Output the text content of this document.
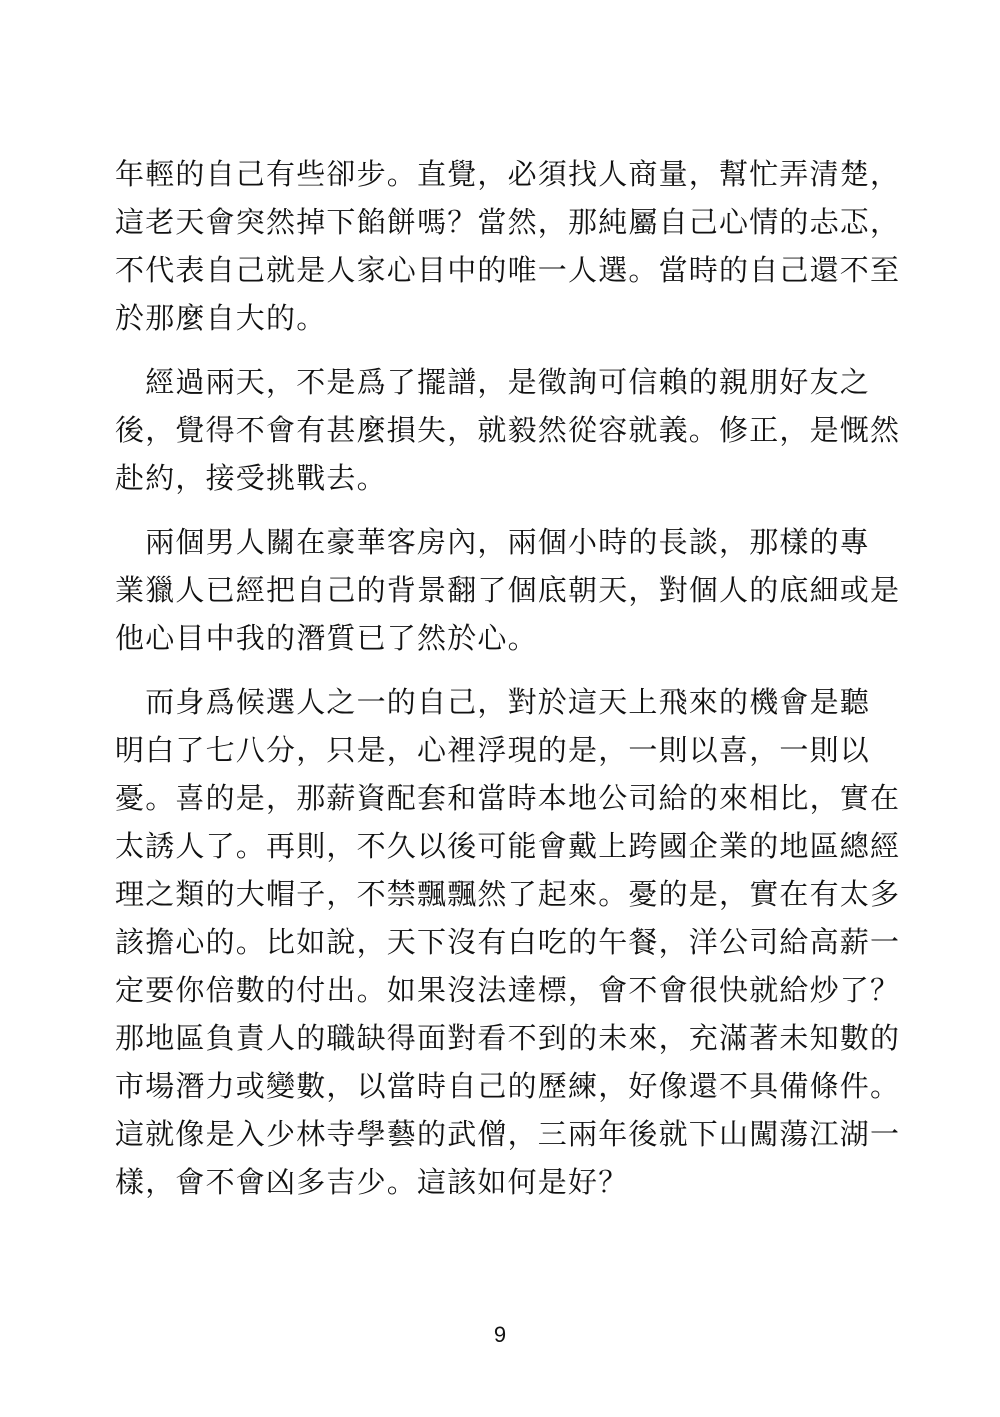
年輕的自己有些卻步。直覺，必須找人商量，幫忙弄清楚，
這老天會突然掉下餡餅嗎？當然，那純屬自己心情的忐忑，
不代表自己就是人家心目中的唯一人選。當時的自己還不至
於那麼自大的。

　經過兩天，不是爲了擺譜，是徵詢可信賴的親朋好友之
後，覺得不會有甚麼損失，就毅然從容就義。修正，是慨然
赴約，接受挑戰去。

　兩個男人關在豪華客房內，兩個小時的長談，那樣的專
業獵人已經把自己的背景翻了個底朝天，對個人的底細或是
他心目中我的潛質已了然於心。

　而身爲候選人之一的自己，對於這天上飛來的機會是聽
明白了七八分，只是，心裡浮現的是，一則以喜，一則以
憂。喜的是，那薪資配套和當時本地公司給的來相比，實在
太誘人了。再則，不久以後可能會戴上跨國企業的地區總經
理之類的大帽子，不禁飄飄然了起來。憂的是，實在有太多
該擔心的。比如說，天下沒有白吃的午餐，洋公司給高薪一
定要你倍數的付出。如果沒法達標，會不會很快就給炒了？
那地區負責人的職缺得面對看不到的未來，充滿著未知數的
市場潛力或變數，以當時自己的歷練，好像還不具備條件。
這就像是入少林寺學藝的武僧，三兩年後就下山闖蕩江湖一
樣，會不會凶多吉少。這該如何是好？

9
